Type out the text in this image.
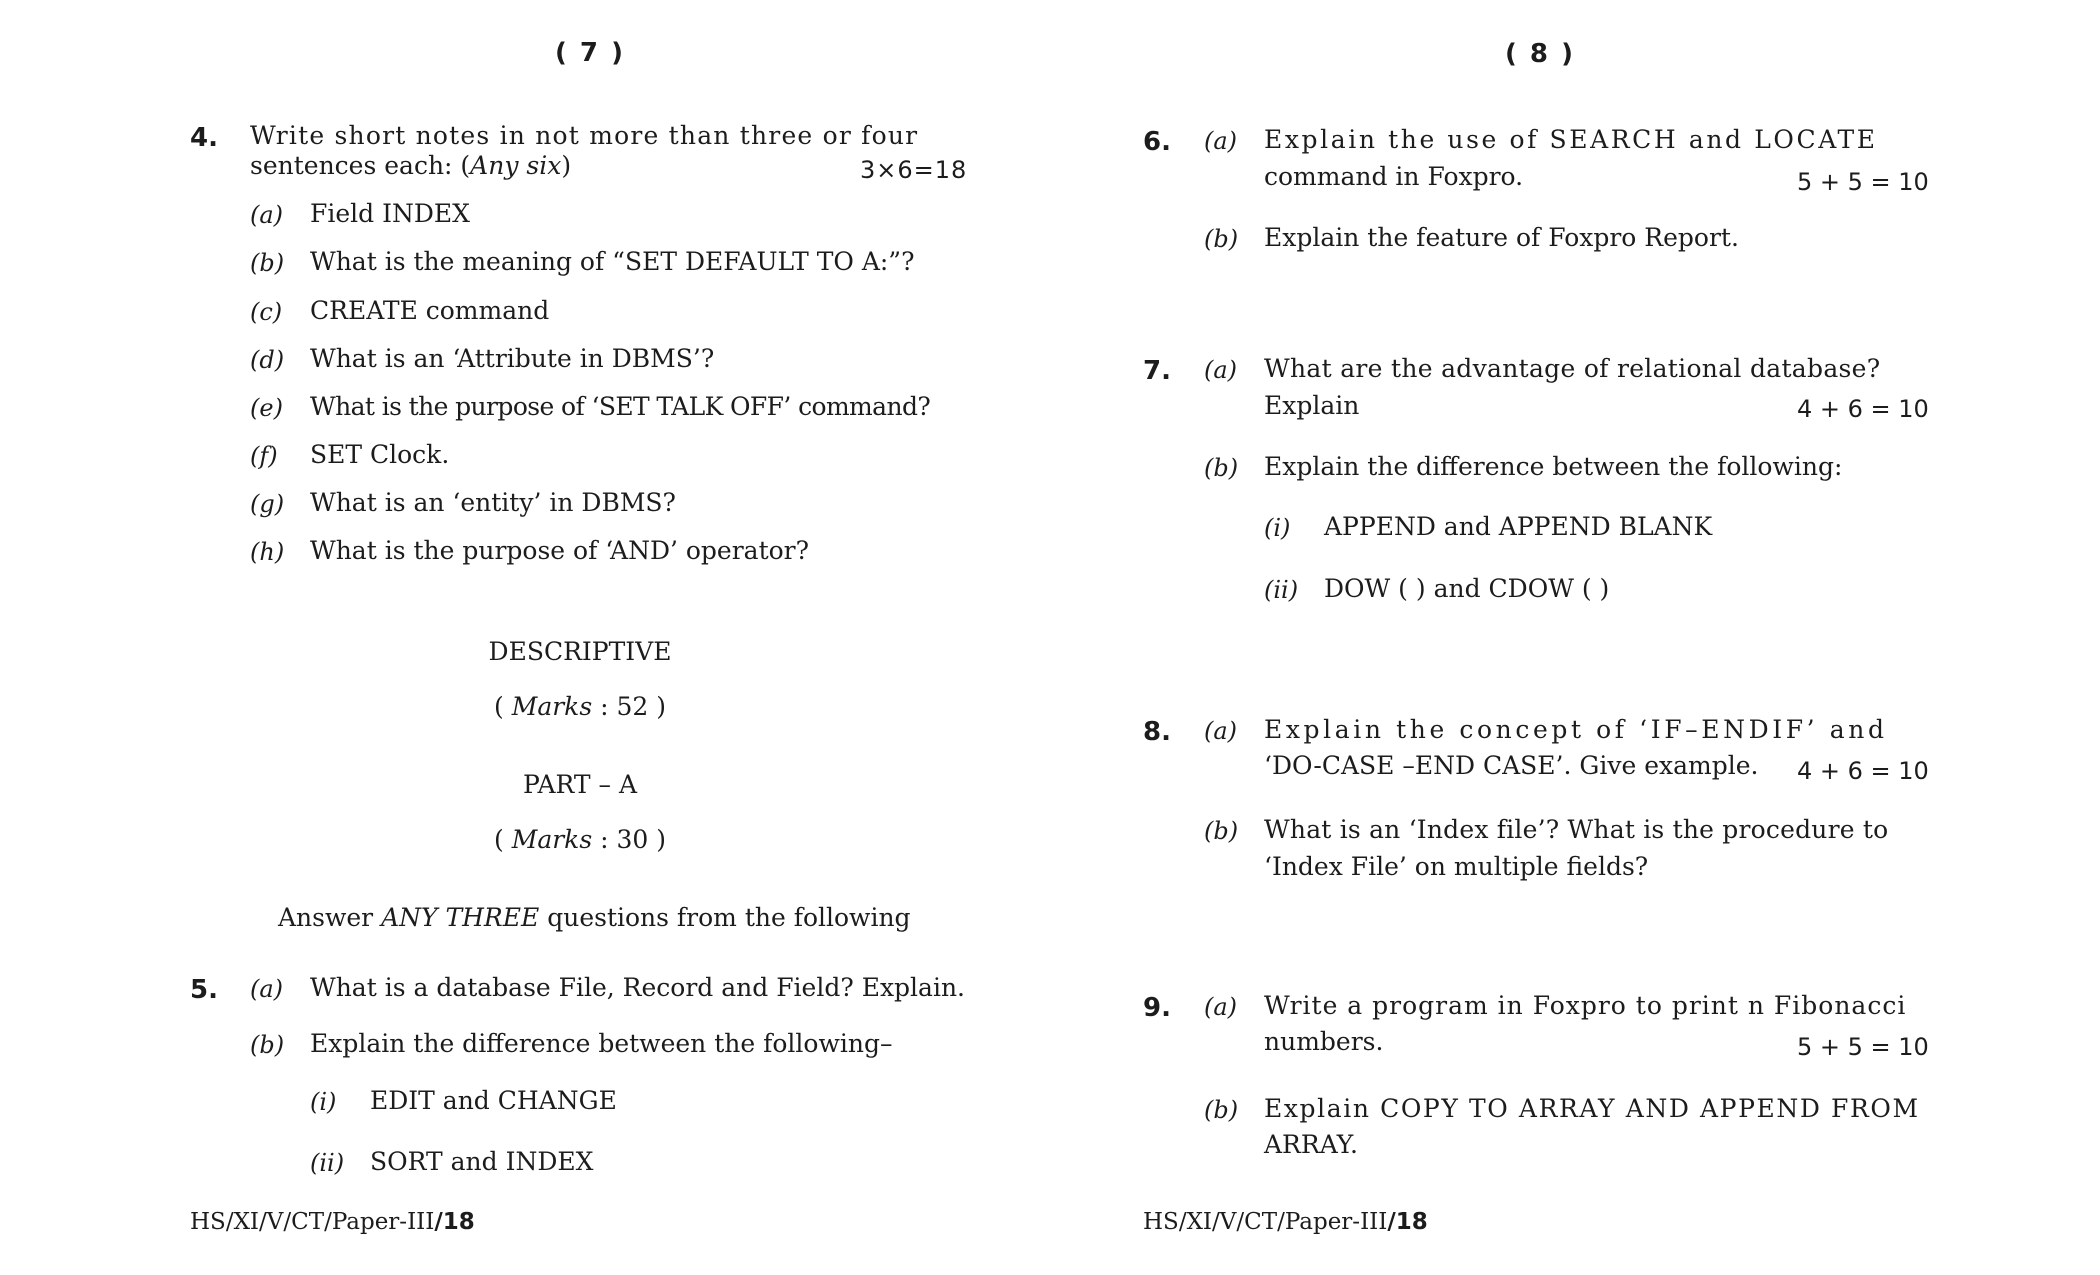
( 7 )
4. Write short notes in not more than three or four
sentences each: (Any six)	3×6=18
(a) Field INDEX
(b) What is the meaning of “SET DEFAULT TO A:”?
(c) CREATE command
(d) What is an ‘Attribute in DBMS’?
(e) What is the purpose of ‘SET TALK OFF’ command?
(f) SET Clock.
(g) What is an ‘entity’ in DBMS?
(h) What is the purpose of ‘AND’ operator?
DESCRIPTIVE
( Marks : 52 )
PART – A
( Marks : 30 )
Answer ANY THREE questions from the following
5. (a) What is a database File, Record and Field? Explain.
(b) Explain the difference between the following–
(i) EDIT and CHANGE
(ii) SORT and INDEX
HS/XI/V/CT/Paper-III/18
( 8 )
6. (a) Explain the use of SEARCH and LOCATE
command in Foxpro.	5 + 5 = 10
(b) Explain the feature of Foxpro Report.
7. (a) What are the advantage of relational database?
Explain	4 + 6 = 10
(b) Explain the difference between the following:
(i) APPEND and APPEND BLANK
(ii) DOW ( ) and CDOW ( )
8. (a) Explain the concept of ‘IF–ENDIF’ and
‘DO-CASE –END CASE’. Give example. 4 + 6 = 10
(b) What is an ‘Index file’? What is the procedure to
‘Index File’ on multiple fields?
9. (a) Write a program in Foxpro to print n Fibonacci
numbers.	5 + 5 = 10
(b) Explain COPY TO ARRAY AND APPEND FROM
ARRAY.
HS/XI/V/CT/Paper-III/18
